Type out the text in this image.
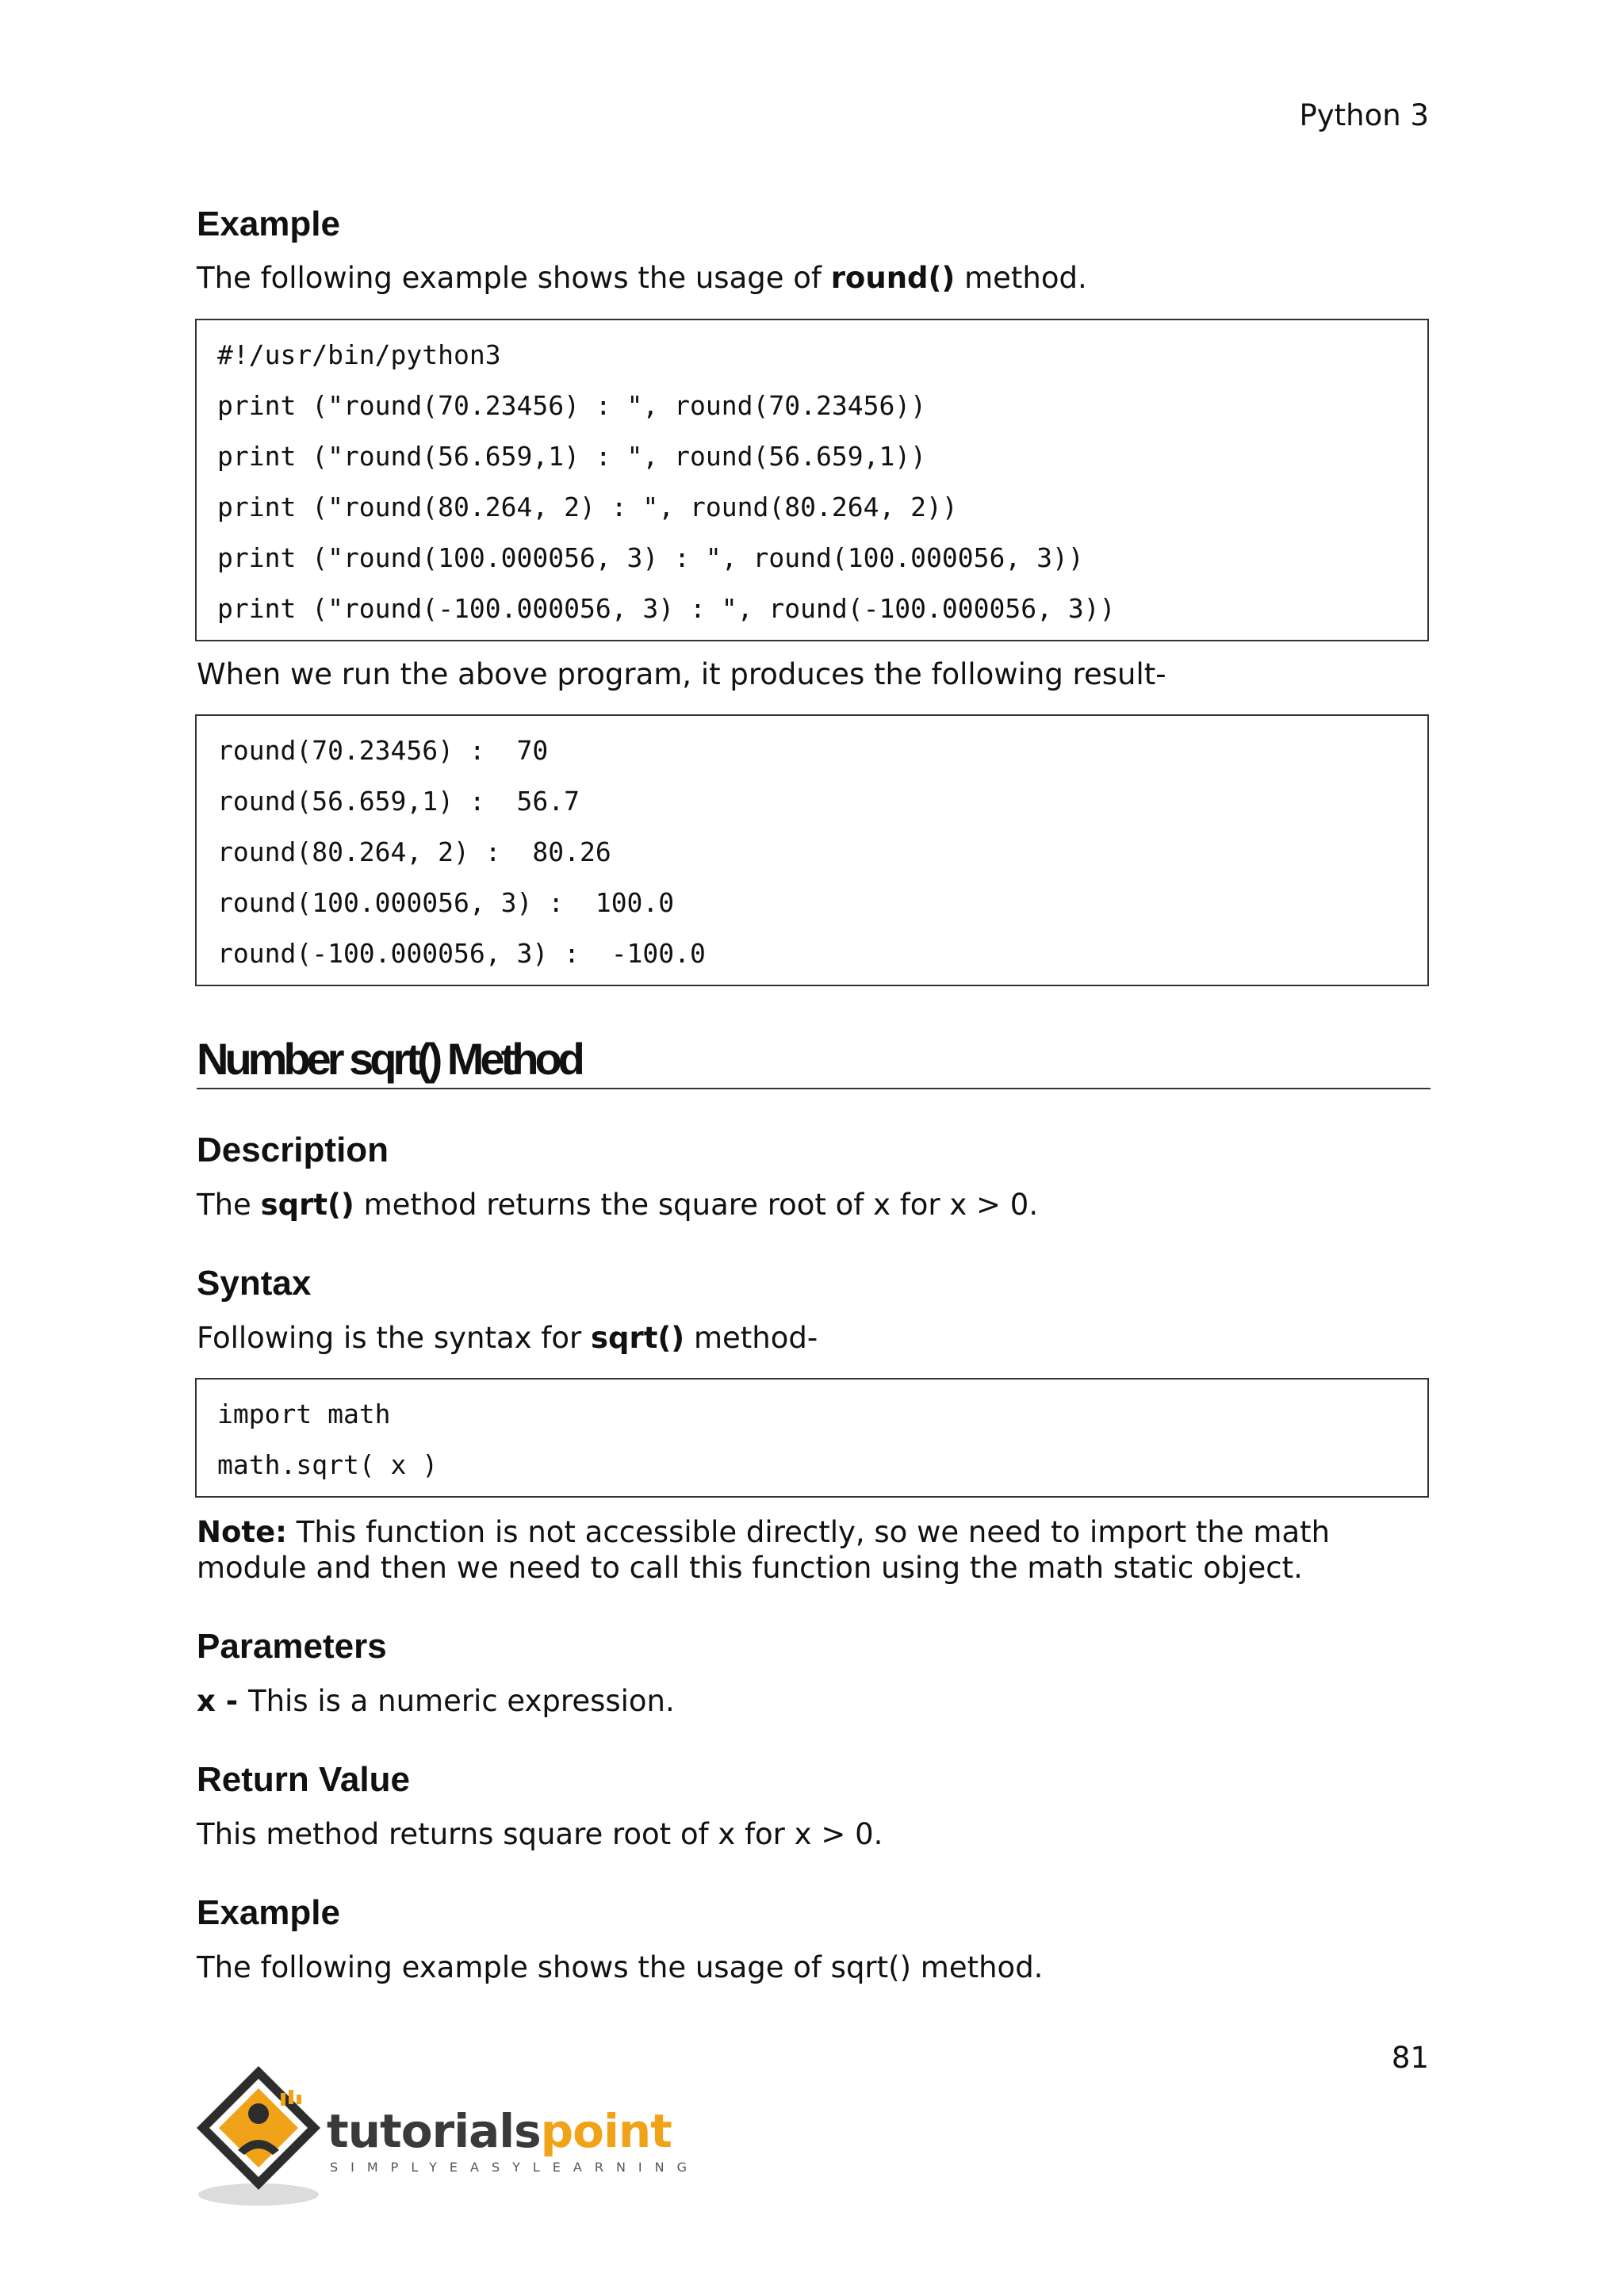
Python 3
Example

The following example shows the usage of round() method.

#!/usr/bin/python3
print ("round(70.23456) : ", round(70.23456))
print ("round(56.659,1) : ", round(56.659,1))
print ("round(80.264, 2) : ", round(80.264, 2))
print ("round(100.000056, 3) : ", round(100.000056, 3))
print ("round(-100.000056, 3) : ", round(-100.000056, 3))

When we run the above program, it produces the following result-

round(70.23456) :  70
round(56.659,1) :  56.7
round(80.264, 2) :  80.26
round(100.000056, 3) :  100.0
round(-100.000056, 3) :  -100.0
Number sqrt() Method
Description

The sqrt() method returns the square root of x for x > 0.

Syntax

Following is the syntax for sqrt() method-

import math
math.sqrt( x )

Note: This function is not accessible directly, so we need to import the math module and then we need to call this function using the math static object.

Parameters

x - This is a numeric expression.

Return Value

This method returns square root of x for x > 0.

Example

The following example shows the usage of sqrt() method.

81
tutorialspoint
SIMPLYEASYLEARNING
